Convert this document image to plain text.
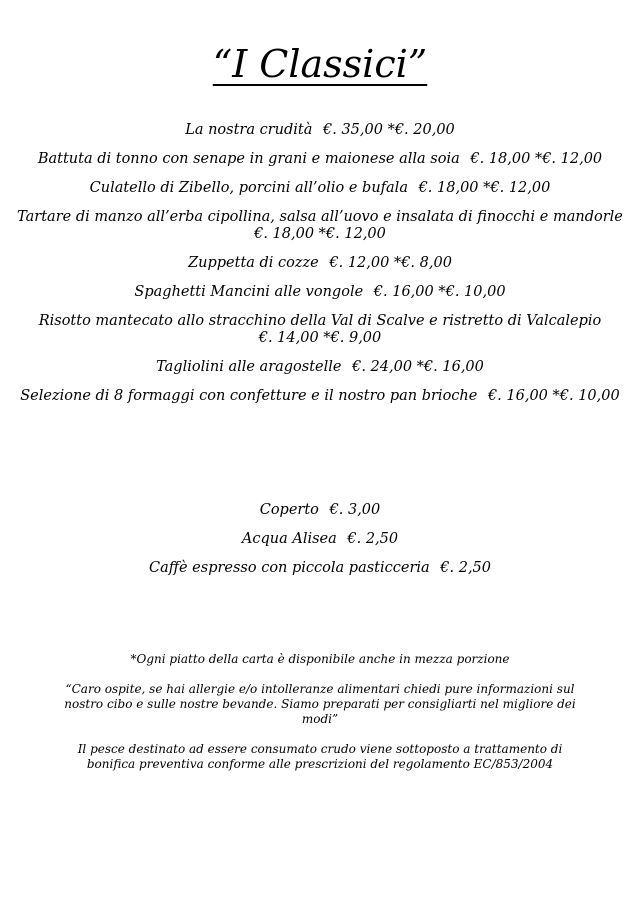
“I Classici”
La nostra crudità €. 35,00 *€. 20,00
Battuta di tonno con senape in grani e maionese alla soia €. 18,00 *€. 12,00
Culatello di Zibello, porcini all’olio e bufala €. 18,00 *€. 12,00
Tartare di manzo all’erba cipollina, salsa all’uovo e insalata di finocchi e mandorle
€. 18,00 *€. 12,00
Zuppetta di cozze €. 12,00 *€. 8,00
Spaghetti Mancini alle vongole €. 16,00 *€. 10,00
Risotto mantecato allo stracchino della Val di Scalve e ristretto di Valcalepio
€. 14,00 *€. 9,00
Tagliolini alle aragostelle €. 24,00 *€. 16,00
Selezione di 8 formaggi con confetture e il nostro pan brioche €. 16,00 *€. 10,00
Coperto €. 3,00
Acqua Alisea €. 2,50
Caffè espresso con piccola pasticceria €. 2,50
*Ogni piatto della carta è disponibile anche in mezza porzione
“Caro ospite, se hai allergie e/o intolleranze alimentari chiedi pure informazioni sul nostro cibo e sulle nostre bevande. Siamo preparati per consigliarti nel migliore dei modi”
Il pesce destinato ad essere consumato crudo viene sottoposto a trattamento di bonifica preventiva conforme alle prescrizioni del regolamento EC/853/2004
